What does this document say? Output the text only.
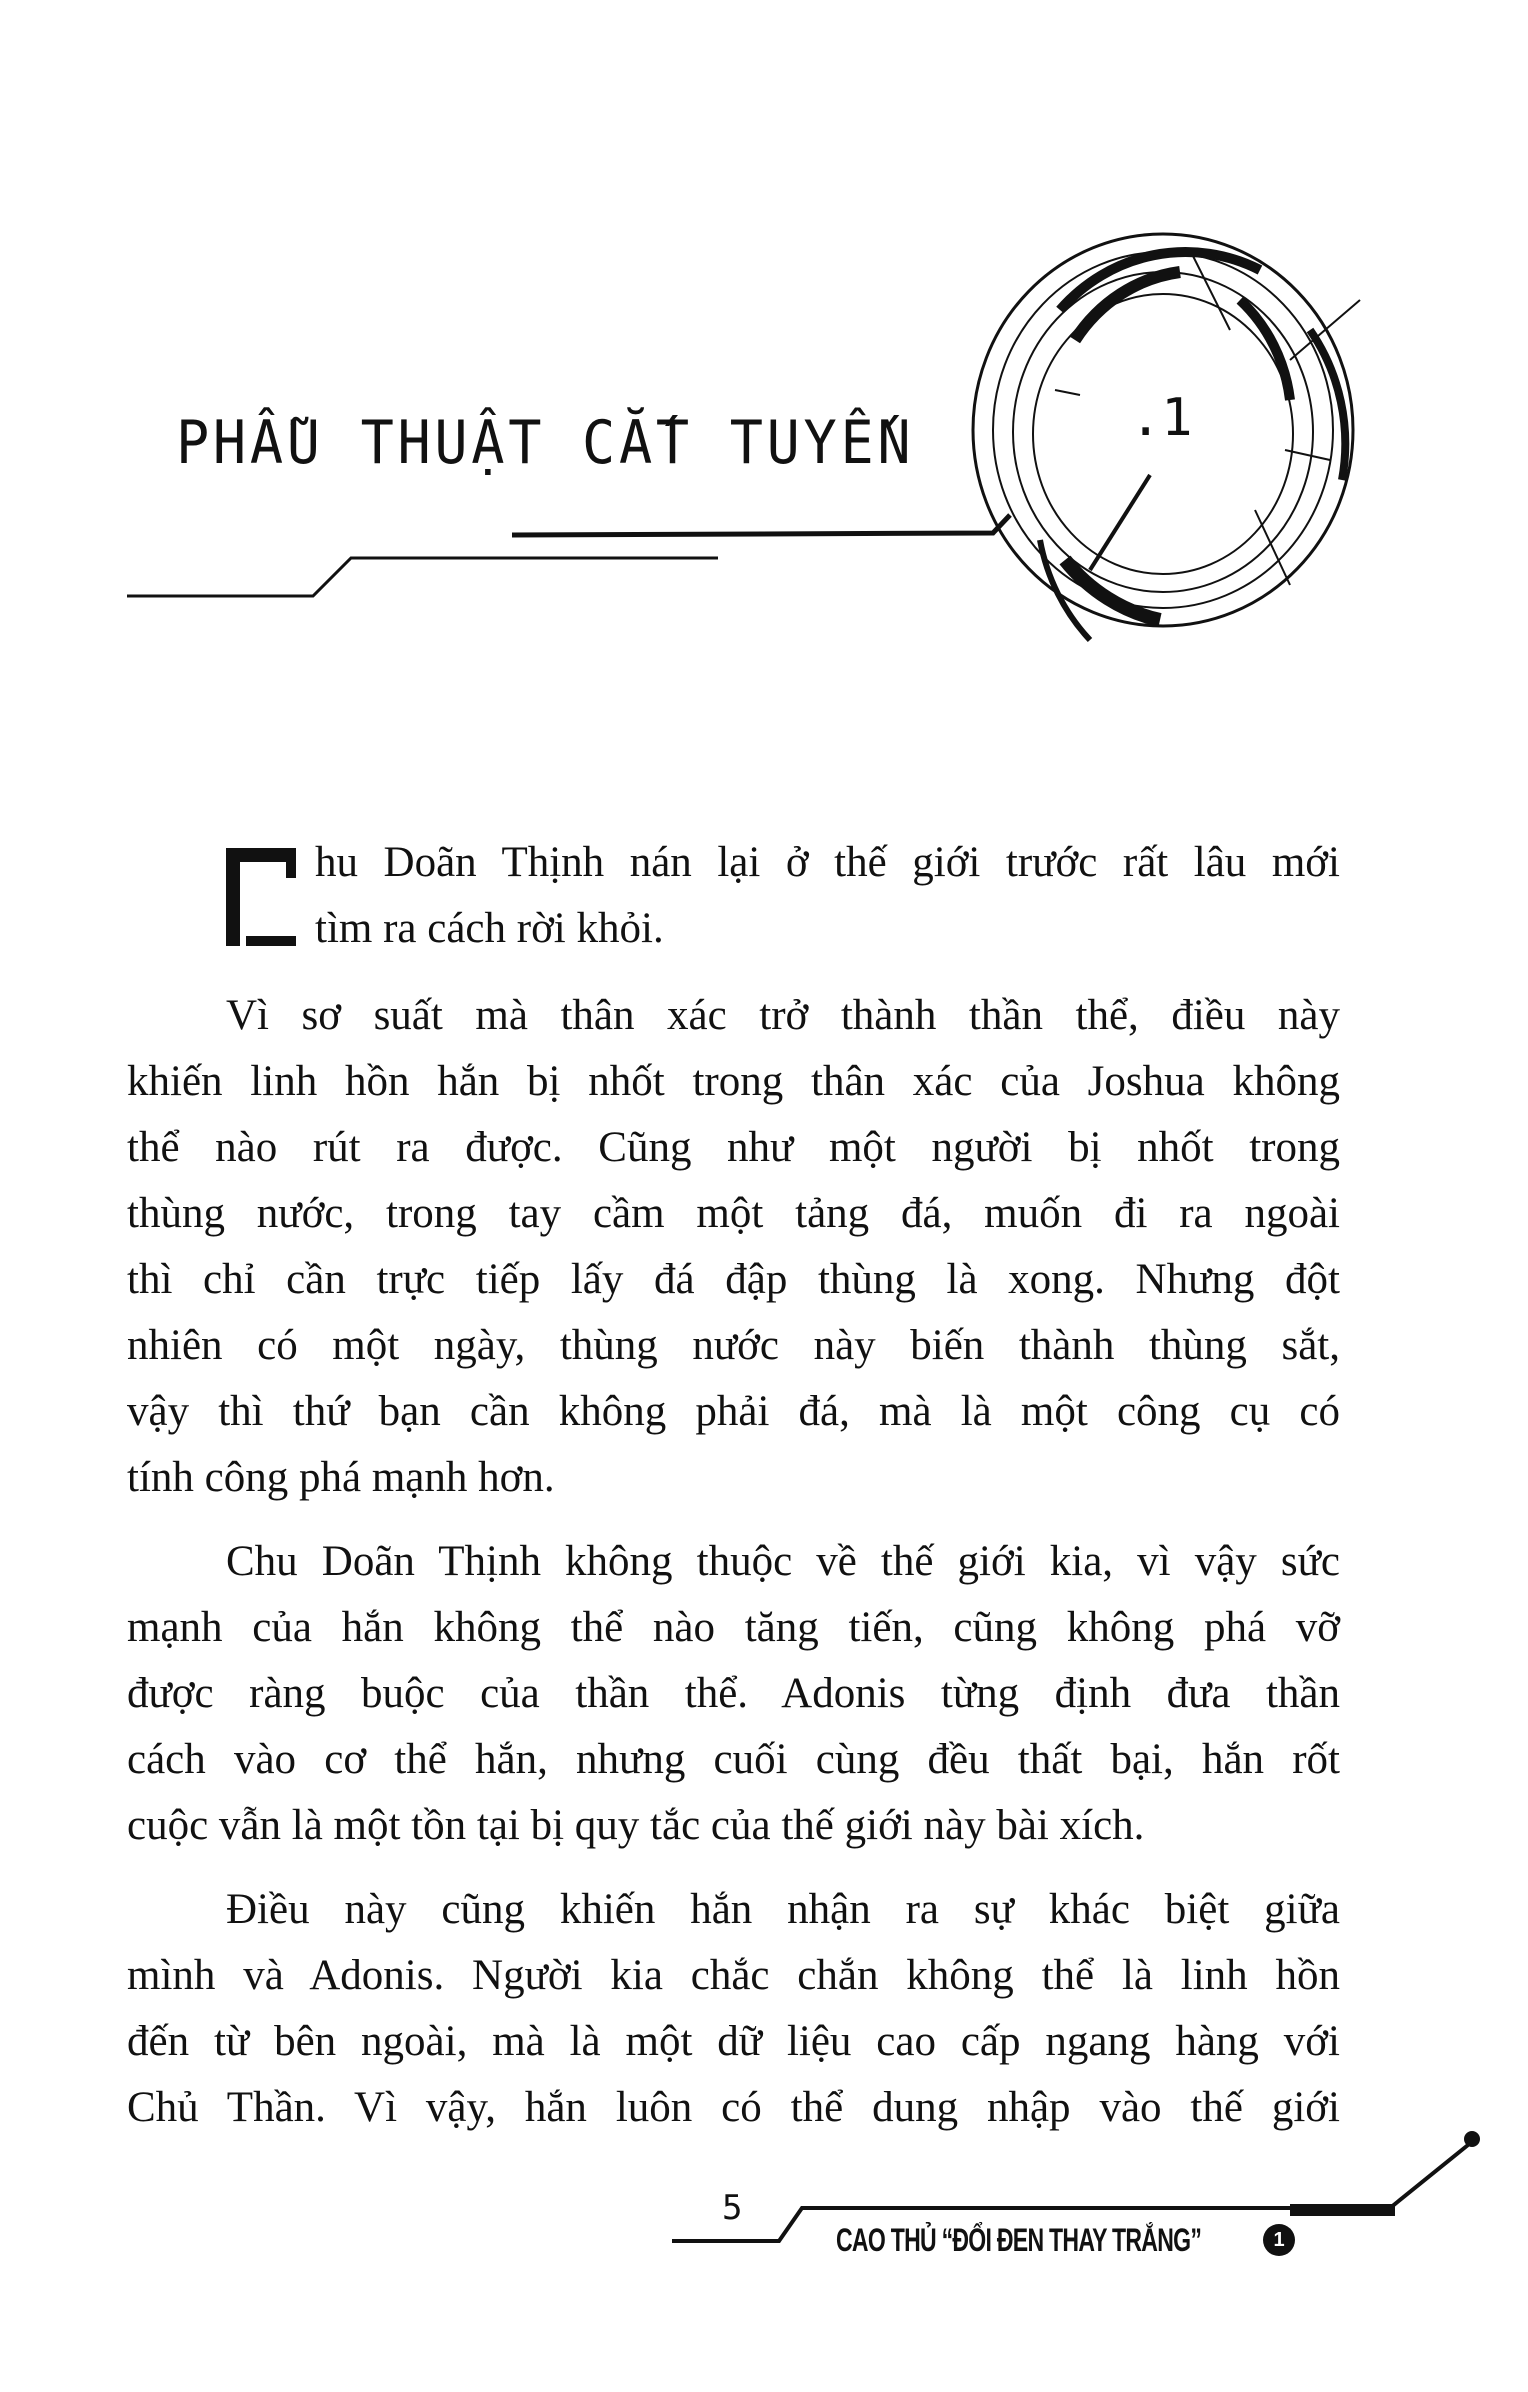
PHẪU THUẬT CẮT TUYẾN	.1
hu Doãn Thịnh nán lại ở thế giới trước rất lâu mới
tìm ra cách rời khỏi.
Vì sơ suất mà thân xác trở thành thần thể, điều này
khiến linh hồn hắn bị nhốt trong thân xác của Joshua không
thể nào rút ra được. Cũng như một người bị nhốt trong
thùng nước, trong tay cầm một tảng đá, muốn đi ra ngoài
thì chỉ cần trực tiếp lấy đá đập thùng là xong. Nhưng đột
nhiên có một ngày, thùng nước này biến thành thùng sắt,
vậy thì thứ bạn cần không phải đá, mà là một công cụ có
tính công phá mạnh hơn.
Chu Doãn Thịnh không thuộc về thế giới kia, vì vậy sức
mạnh của hắn không thể nào tăng tiến, cũng không phá vỡ
được ràng buộc của thần thể. Adonis từng định đưa thần
cách vào cơ thể hắn, nhưng cuối cùng đều thất bại, hắn rốt
cuộc vẫn là một tồn tại bị quy tắc của thế giới này bài xích.
Điều này cũng khiến hắn nhận ra sự khác biệt giữa
mình và Adonis. Người kia chắc chắn không thể là linh hồn
đến từ bên ngoài, mà là một dữ liệu cao cấp ngang hàng với
Chủ Thần. Vì vậy, hắn luôn có thể dung nhập vào thế giới
5
CAO THỦ “ĐỔI ĐEN THAY TRẮNG”	1
